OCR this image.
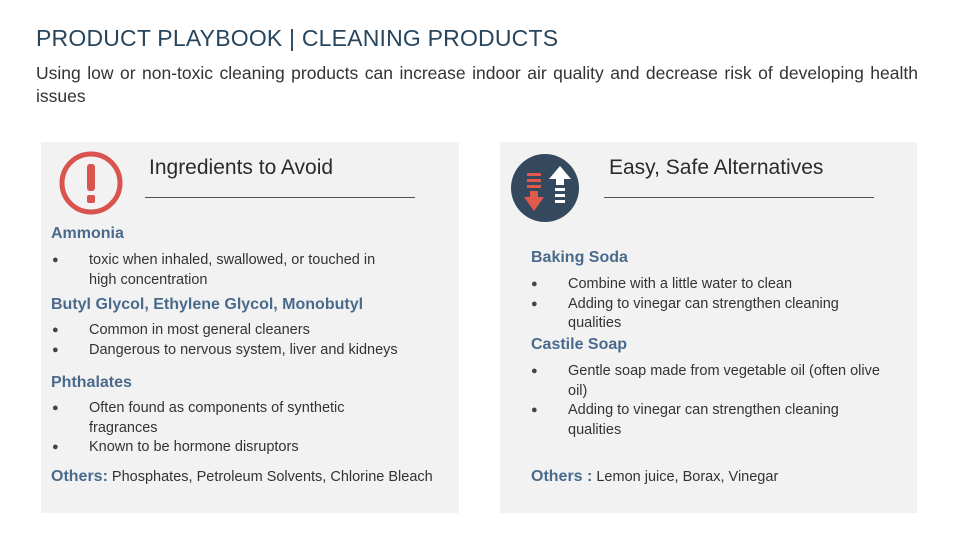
PRODUCT PLAYBOOK | CLEANING PRODUCTS
Using low or non-toxic cleaning products can increase indoor air quality and decrease risk of developing health issues
Ingredients to Avoid
Ammonia
● toxic when inhaled, swallowed, or touched in high concentration
Butyl Glycol, Ethylene Glycol, Monobutyl
● Common in most general cleaners
● Dangerous to nervous system, liver and kidneys
Phthalates
● Often found as components of synthetic fragrances
● Known to be hormone disruptors
Others: Phosphates, Petroleum Solvents, Chlorine Bleach
Easy, Safe Alternatives
Baking Soda
● Combine with a little water to clean
● Adding to vinegar can strengthen cleaning qualities
Castile Soap
● Gentle soap made from vegetable oil (often olive oil)
● Adding to vinegar can strengthen cleaning qualities
Others : Lemon juice, Borax, Vinegar
